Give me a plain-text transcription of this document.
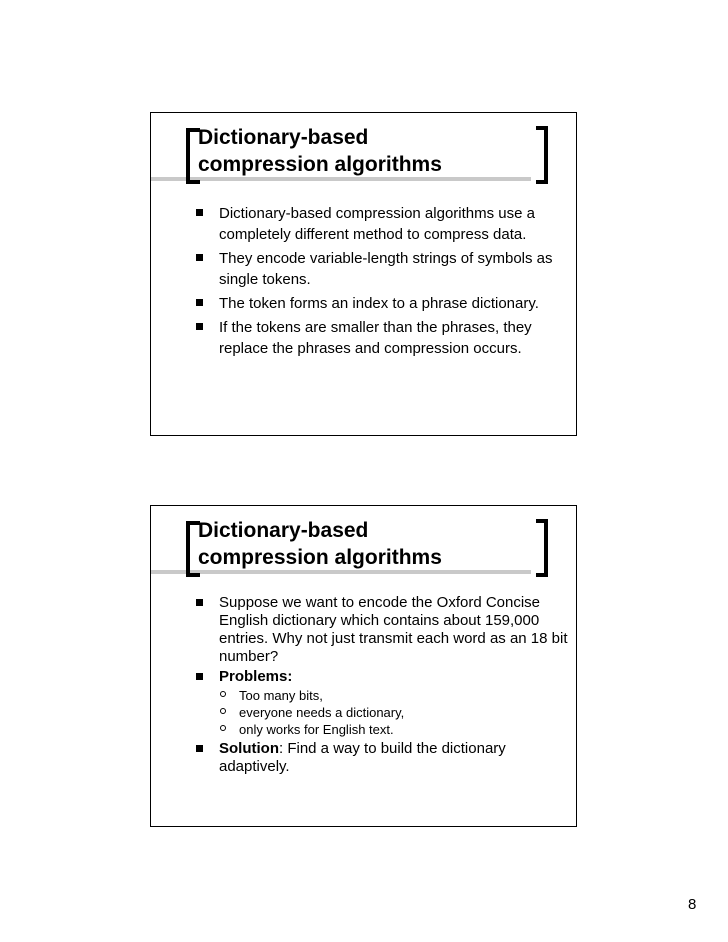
Dictionary-based
compression algorithms
Dictionary-based compression algorithms use a completely different method to compress data.
They encode variable-length strings of symbols as single tokens.
The token forms an index to a phrase dictionary.
If the tokens are smaller than the phrases, they replace the phrases and compression occurs.
Dictionary-based
compression algorithms
Suppose we want to encode the Oxford Concise English dictionary which contains about 159,000 entries. Why not just transmit each word as an 18 bit number?
Problems:
Too many bits,
everyone needs a dictionary,
only works for English text.
Solution: Find a way to build the dictionary adaptively.
8
